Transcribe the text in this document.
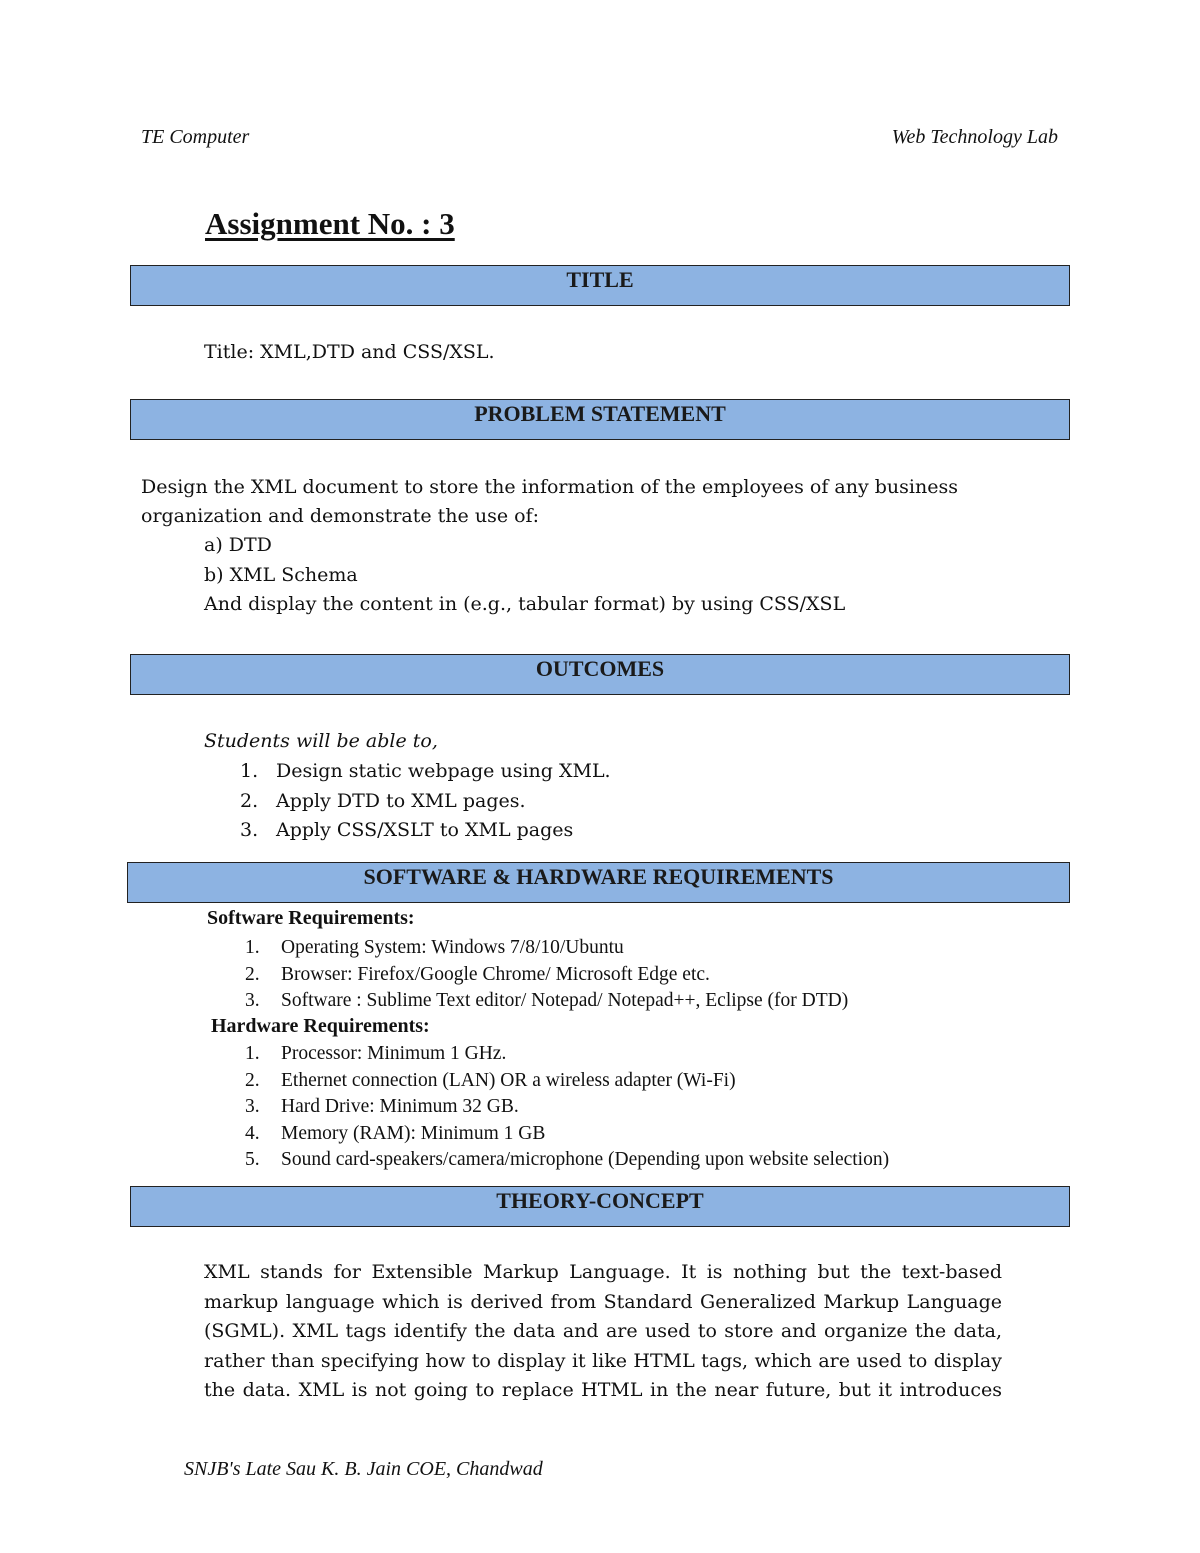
TE Computer	Web Technology Lab
Assignment No. : 3
TITLE
Title: XML,DTD and CSS/XSL.
PROBLEM STATEMENT
Design the XML document to store the information of the employees of any business
organization and demonstrate the use of:
a) DTD
b) XML Schema
And display the content in (e.g., tabular format) by using CSS/XSL
OUTCOMES
Students will be able to,
1. Design static webpage using XML.
2. Apply DTD to XML pages.
3. Apply CSS/XSLT to XML pages
SOFTWARE & HARDWARE REQUIREMENTS
Software Requirements:
1. Operating System: Windows 7/8/10/Ubuntu
2. Browser: Firefox/Google Chrome/ Microsoft Edge etc.
3. Software : Sublime Text editor/ Notepad/ Notepad++, Eclipse (for DTD)
Hardware Requirements:
1. Processor: Minimum 1 GHz.
2. Ethernet connection (LAN) OR a wireless adapter (Wi-Fi)
3. Hard Drive: Minimum 32 GB.
4. Memory (RAM): Minimum 1 GB
5. Sound card-speakers/camera/microphone (Depending upon website selection)
THEORY-CONCEPT
XML stands for Extensible Markup Language. It is nothing but the text-based
markup language which is derived from Standard Generalized Markup Language
(SGML). XML tags identify the data and are used to store and organize the data,
rather than specifying how to display it like HTML tags, which are used to display
the data. XML is not going to replace HTML in the near future, but it introduces
SNJB's Late Sau K. B. Jain COE, Chandwad
